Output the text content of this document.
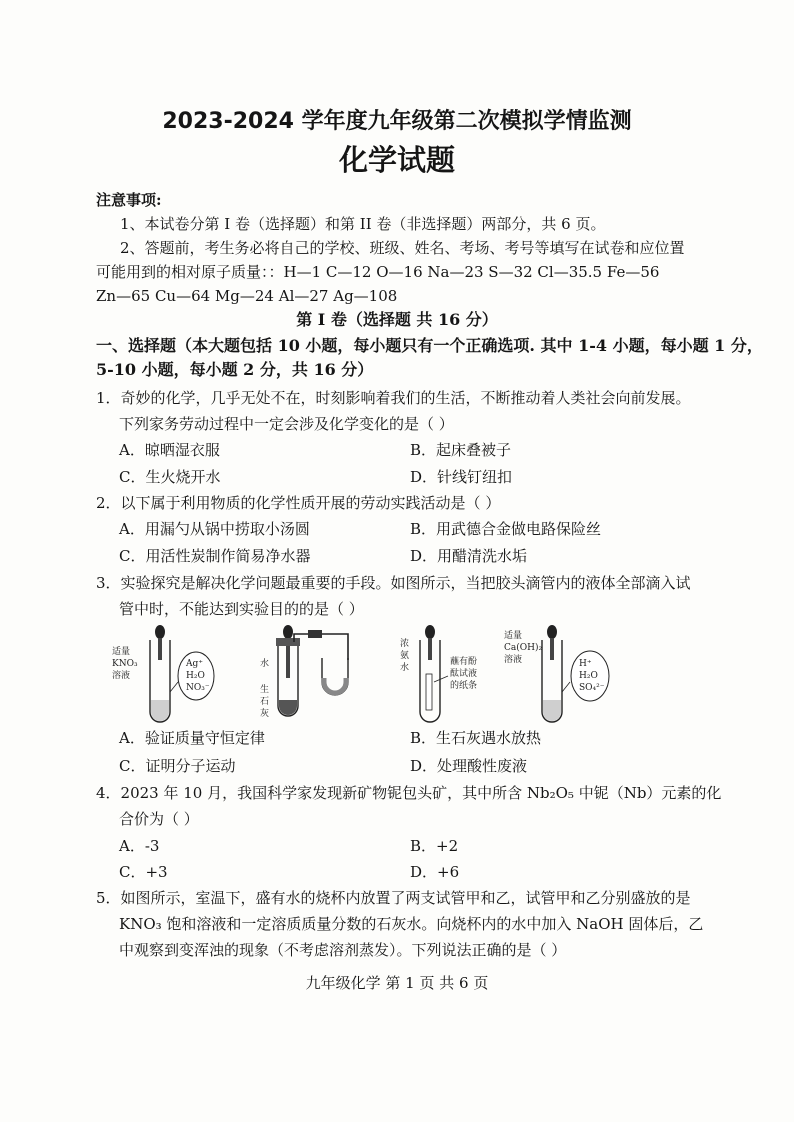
2023-2024 学年度九年级第二次模拟学情监测
化学试题
注意事项:
1、本试卷分第 I 卷（选择题）和第 II 卷（非选择题）两部分，共 6 页。
2、答题前，考生务必将自己的学校、班级、姓名、考场、考号等填写在试卷和应位置
可能用到的相对原子质量：：H—1 C—12 O—16 Na—23 S—32 Cl—35.5 Fe—56
Zn—65 Cu—64 Mg—24 Al—27 Ag—108
第 I 卷（选择题 共 16 分）
一、选择题（本大题包括 10 小题，每小题只有一个正确选项. 其中 1-4 小题，每小题 1 分，
5-10 小题，每小题 2 分，共 16 分）
1．奇妙的化学，几乎无处不在，时刻影响着我们的生活，不断推动着人类社会向前发展。
下列家务劳动过程中一定会涉及化学变化的是（ ）
A．晾晒湿衣服	B．起床叠被子
C．生火烧开水	D．针线钉纽扣
2．以下属于利用物质的化学性质开展的劳动实践活动是（ ）
A．用漏勺从锅中捞取小汤圆	B．用武德合金做电路保险丝
C．用活性炭制作简易净水器	D．用醋清洗水垢
3．实验探究是解决化学问题最重要的手段。如图所示，当把胶头滴管内的液体全部滴入试
管中时，不能达到实验目的的是（ ）
适量
KNO₃
溶液
Ag⁺
H₂O
NO₃⁻
水
生
石
灰
浓
氨
水
蘸有酚
酞试液
的纸条
适量
Ca(OH)₂
溶液	H⁺
H₂O
SO₄²⁻
A．验证质量守恒定律	B．生石灰遇水放热
C．证明分子运动	D．处理酸性废液
4．2023 年 10 月，我国科学家发现新矿物铌包头矿，其中所含 Nb₂O₅ 中铌（Nb）元素的化
合价为（ ）
A．-3	B．+2
C．+3	D．+6
5．如图所示，室温下，盛有水的烧杯内放置了两支试管甲和乙，试管甲和乙分别盛放的是
KNO₃ 饱和溶液和一定溶质质量分数的石灰水。向烧杯内的水中加入 NaOH 固体后，乙
中观察到变浑浊的现象（不考虑溶剂蒸发）。下列说法正确的是（ ）
九年级化学 第 1 页 共 6 页
